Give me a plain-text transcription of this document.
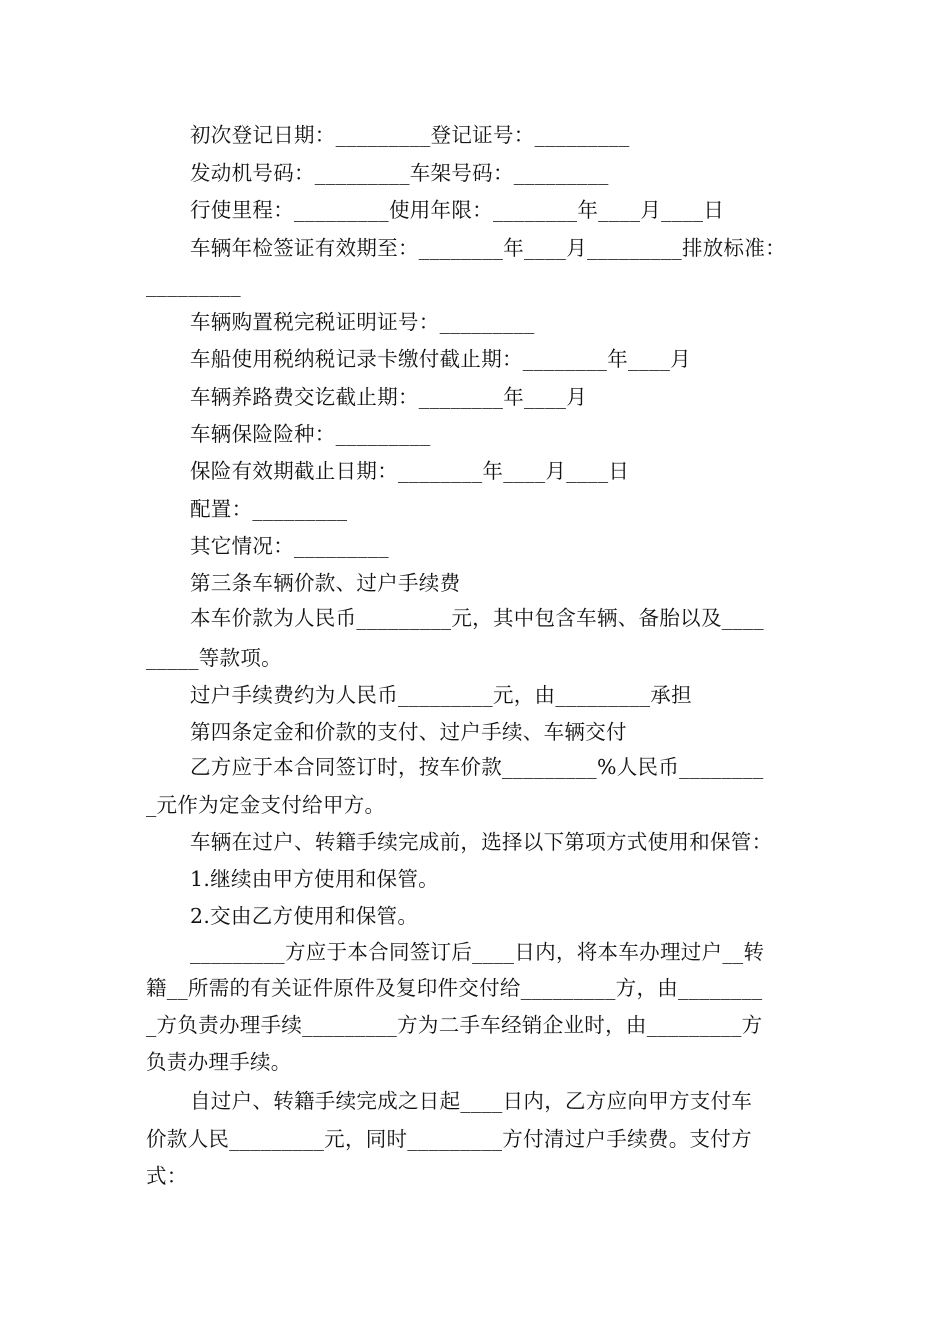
初次登记日期：_________登记证号：_________
发动机号码：_________车架号码：_________
行使里程：_________使用年限：________年____月____日
车辆年检签证有效期至：________年____月_________排放标准：
_________
车辆购置税完税证明证号：_________
车船使用税纳税记录卡缴付截止期：________年____月
车辆养路费交讫截止期：________年____月
车辆保险险种：_________
保险有效期截止日期：________年____月____日
配置：_________
其它情况：_________
第三条车辆价款、过户手续费
本车价款为人民币_________元，其中包含车辆、备胎以及____
_____等款项。
过户手续费约为人民币_________元，由_________承担
第四条定金和价款的支付、过户手续、车辆交付
乙方应于本合同签订时，按车价款_________%人民币________
_元作为定金支付给甲方。
车辆在过户、转籍手续完成前，选择以下第项方式使用和保管：
1.继续由甲方使用和保管。
2.交由乙方使用和保管。
_________方应于本合同签订后____日内，将本车办理过户__转
籍__所需的有关证件原件及复印件交付给_________方，由________
_方负责办理手续_________方为二手车经销企业时，由_________方
负责办理手续。
自过户、转籍手续完成之日起____日内，乙方应向甲方支付车
价款人民_________元，同时_________方付清过户手续费。支付方
式：
